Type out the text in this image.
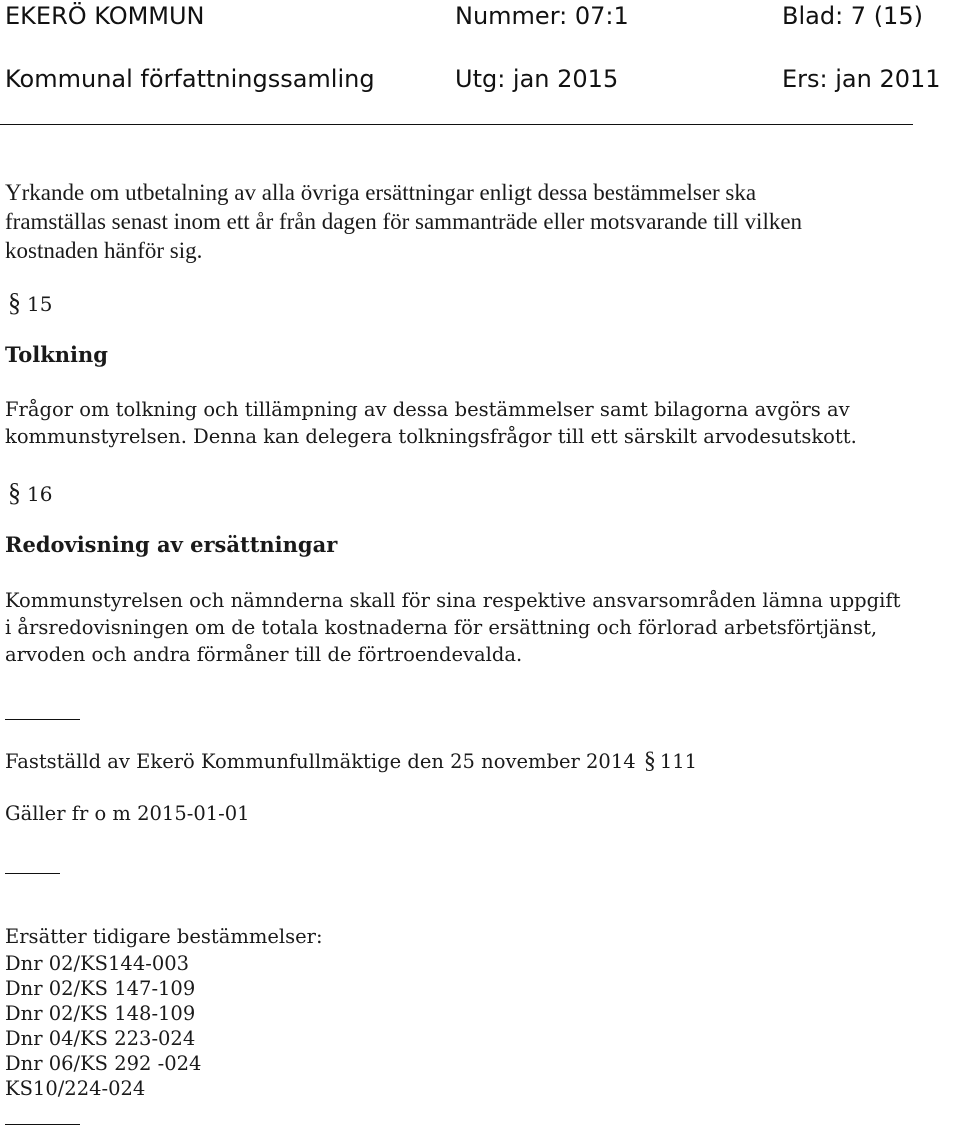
EKERÖ KOMMUN	Nummer: 07:1	Blad: 7 (15)
Kommunal författningssamling	Utg: jan 2015	Ers: jan 2011
Yrkande om utbetalning av alla övriga ersättningar enligt dessa bestämmelser ska
framställas senast inom ett år från dagen för sammanträde eller motsvarande till vilken
kostnaden hänför sig.
§ 15
Tolkning
Frågor om tolkning och tillämpning av dessa bestämmelser samt bilagorna avgörs av
kommunstyrelsen. Denna kan delegera tolkningsfrågor till ett särskilt arvodesutskott.
§ 16
Redovisning av ersättningar
Kommunstyrelsen och nämnderna skall för sina respektive ansvarsområden lämna uppgift
i årsredovisningen om de totala kostnaderna för ersättning och förlorad arbetsförtjänst,
arvoden och andra förmåner till de förtroendevalda.
Fastställd av Ekerö Kommunfullmäktige den 25 november 2014 § 111
Gäller fr o m 2015-01-01
Ersätter tidigare bestämmelser:
Dnr 02/KS144-003
Dnr 02/KS 147-109
Dnr 02/KS 148-109
Dnr 04/KS 223-024
Dnr 06/KS 292 -024
KS10/224-024
